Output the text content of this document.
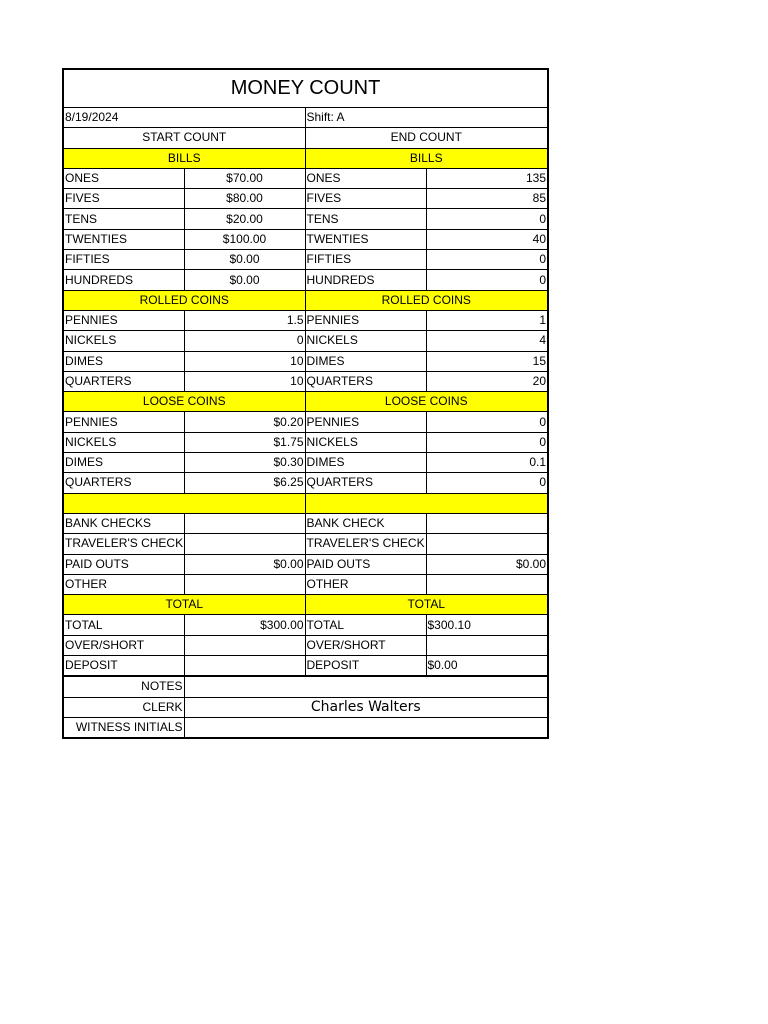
MONEY COUNT			
8/19/2024		Shift: A	
START COUNT		END COUNT	
BILLS		BILLS	
ONES	$70.00	ONES	135
FIVES	$80.00	FIVES	85
TENS	$20.00	TENS	0
TWENTIES	$100.00	TWENTIES	40
FIFTIES	$0.00	FIFTIES	0
HUNDREDS	$0.00	HUNDREDS	0
ROLLED COINS		ROLLED COINS	
PENNIES	1.5	PENNIES	1
NICKELS	0	NICKELS	4
DIMES	10	DIMES	15
QUARTERS	10	QUARTERS	20
LOOSE COINS		LOOSE COINS	
PENNIES	$0.20	PENNIES	0
NICKELS	$1.75	NICKELS	0
DIMES	$0.30	DIMES	0.1
QUARTERS	$6.25	QUARTERS	0

BANK CHECKS		BANK CHECK	
TRAVELER'S CHECK		TRAVELER'S CHECK	
PAID OUTS	$0.00	PAID OUTS	$0.00
OTHER		OTHER	
TOTAL		TOTAL	
TOTAL	$300.00	TOTAL	$300.10
OVER/SHORT		OVER/SHORT	
DEPOSIT		DEPOSIT	$0.00
NOTES			
CLERK	Charles Walters		
WITNESS INITIALS			
